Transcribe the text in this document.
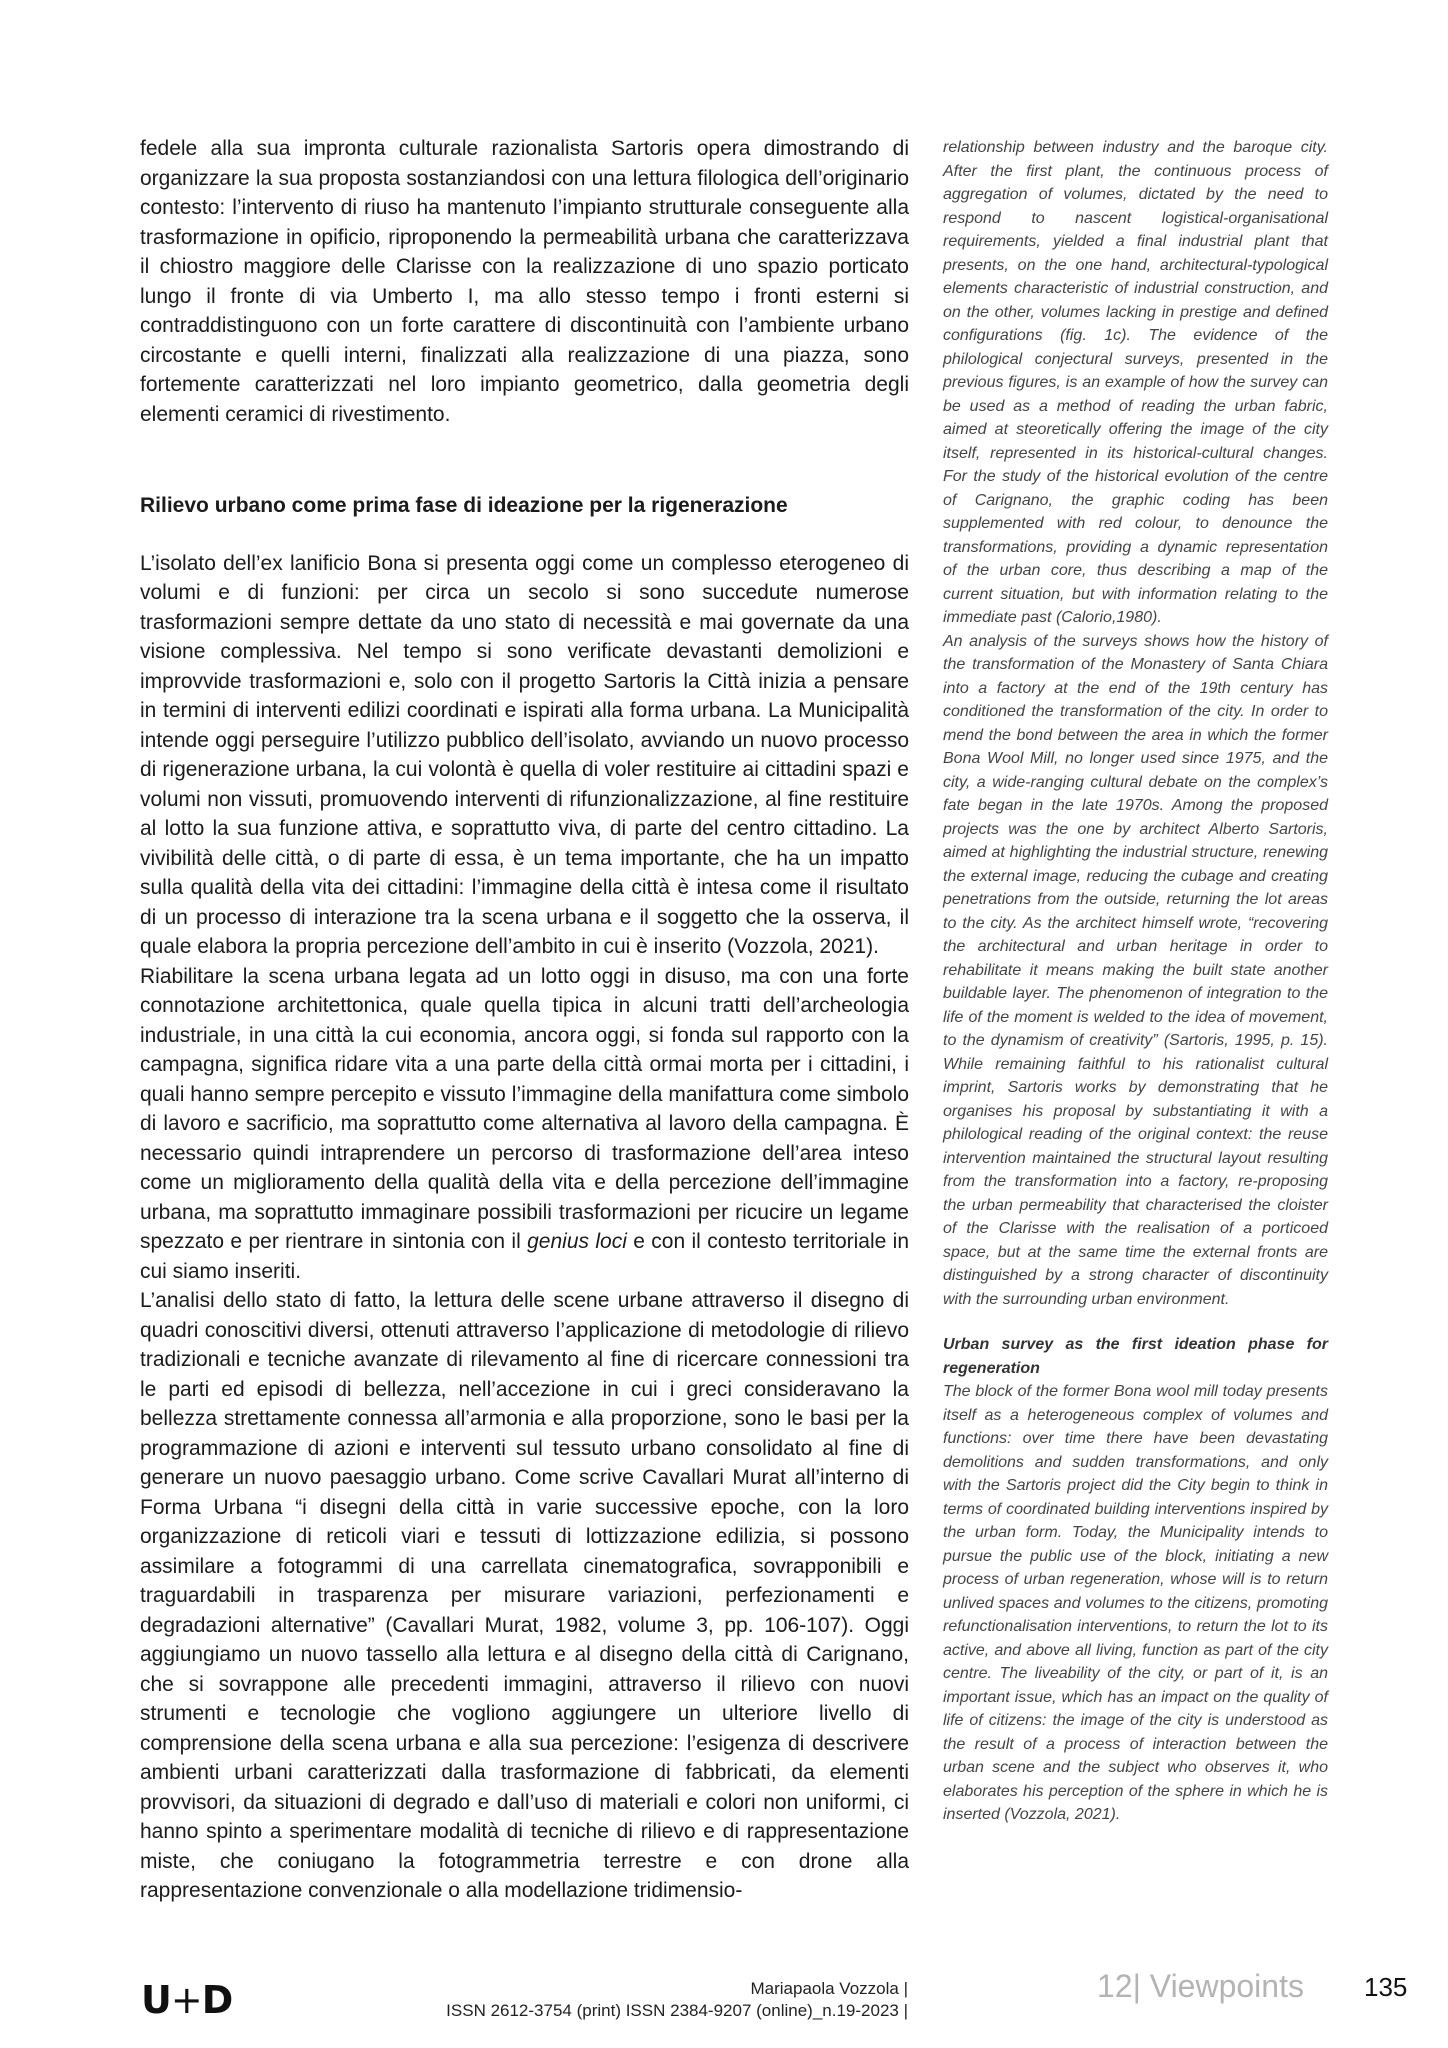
fedele alla sua impronta culturale razionalista Sartoris opera dimostrando di organizzare la sua proposta sostanziandosi con una lettura filologica dell’originario contesto: l’intervento di riuso ha mantenuto l’impianto strutturale conseguente alla trasformazione in opificio, riproponendo la permeabilità urbana che caratterizzava il chiostro maggiore delle Clarisse con la realizzazione di uno spazio porticato lungo il fronte di via Umberto I, ma allo stesso tempo i fronti esterni si contraddistinguono con un forte carattere di discontinuità con l’ambiente urbano circostante e quelli interni, finalizzati alla realizzazione di una piazza, sono fortemente caratterizzati nel loro impianto geometrico, dalla geometria degli elementi ceramici di rivestimento.

Rilievo urbano come prima fase di ideazione per la rigenerazione

L’isolato dell’ex lanificio Bona si presenta oggi come un complesso eterogeneo di volumi e di funzioni: per circa un secolo si sono succedute numerose trasformazioni sempre dettate da uno stato di necessità e mai governate da una visione complessiva. Nel tempo si sono verificate devastanti demolizioni e improvvide trasformazioni e, solo con il progetto Sartoris la Città inizia a pensare in termini di interventi edilizi coordinati e ispirati alla forma urbana. La Municipalità intende oggi perseguire l’utilizzo pubblico dell’isolato, avviando un nuovo processo di rigenerazione urbana, la cui volontà è quella di voler restituire ai cittadini spazi e volumi non vissuti, promuovendo interventi di rifunzionalizzazione, al fine restituire al lotto la sua funzione attiva, e soprattutto viva, di parte del centro cittadino. La vivibilità delle città, o di parte di essa, è un tema importante, che ha un impatto sulla qualità della vita dei cittadini: l’immagine della città è intesa come il risultato di un processo di interazione tra la scena urbana e il soggetto che la osserva, il quale elabora la propria percezione dell’ambito in cui è inserito (Vozzola, 2021).

Riabilitare la scena urbana legata ad un lotto oggi in disuso, ma con una forte connotazione architettonica, quale quella tipica in alcuni tratti dell’archeologia industriale, in una città la cui economia, ancora oggi, si fonda sul rapporto con la campagna, significa ridare vita a una parte della città ormai morta per i cittadini, i quali hanno sempre percepito e vissuto l’immagine della manifattura come simbolo di lavoro e sacrificio, ma soprattutto come alternativa al lavoro della campagna. È necessario quindi intraprendere un percorso di trasformazione dell’area inteso come un miglioramento della qualità della vita e della percezione dell’immagine urbana, ma soprattutto immaginare possibili trasformazioni per ricucire un legame spezzato e per rientrare in sintonia con il genius loci e con il contesto territoriale in cui siamo inseriti.

L’analisi dello stato di fatto, la lettura delle scene urbane attraverso il disegno di quadri conoscitivi diversi, ottenuti attraverso l’applicazione di metodologie di rilievo tradizionali e tecniche avanzate di rilevamento al fine di ricercare connessioni tra le parti ed episodi di bellezza, nell’accezione in cui i greci consideravano la bellezza strettamente connessa all’armonia e alla proporzione, sono le basi per la programmazione di azioni e interventi sul tessuto urbano consolidato al fine di generare un nuovo paesaggio urbano. Come scrive Cavallari Murat all’interno di Forma Urbana “i disegni della città in varie successive epoche, con la loro organizzazione di reticoli viari e tessuti di lottizzazione edilizia, si possono assimilare a fotogrammi di una carrellata cinematografica, sovrapponibili e traguardabili in trasparenza per misurare variazioni, perfezionamenti e degradazioni alternative” (Cavallari Murat, 1982, volume 3, pp. 106-107). Oggi aggiungiamo un nuovo tassello alla lettura e al disegno della città di Carignano, che si sovrappone alle precedenti immagini, attraverso il rilievo con nuovi strumenti e tecnologie che vogliono aggiungere un ulteriore livello di comprensione della scena urbana e alla sua percezione: l’esigenza di descrivere ambienti urbani caratterizzati dalla trasformazione di fabbricati, da elementi provvisori, da situazioni di degrado e dall’uso di materiali e colori non uniformi, ci hanno spinto a sperimentare modalità di tecniche di rilievo e di rappresentazione miste, che coniugano la fotogrammetria terrestre e con drone alla rappresentazione convenzionale o alla modellazione tridimensio-

relationship between industry and the baroque city. After the first plant, the continuous process of aggregation of volumes, dictated by the need to respond to nascent logistical-organisational requirements, yielded a final industrial plant that presents, on the one hand, architectural-typological elements characteristic of industrial construction, and on the other, volumes lacking in prestige and defined configurations (fig. 1c). The evidence of the philological conjectural surveys, presented in the previous figures, is an example of how the survey can be used as a method of reading the urban fabric, aimed at steoretically offering the image of the city itself, represented in its historical-cultural changes. For the study of the historical evolution of the centre of Carignano, the graphic coding has been supplemented with red colour, to denounce the transformations, providing a dynamic representation of the urban core, thus describing a map of the current situation, but with information relating to the immediate past (Calorio,1980).

An analysis of the surveys shows how the history of the transformation of the Monastery of Santa Chiara into a factory at the end of the 19th century has conditioned the transformation of the city. In order to mend the bond between the area in which the former Bona Wool Mill, no longer used since 1975, and the city, a wide-ranging cultural debate on the complex’s fate began in the late 1970s. Among the proposed projects was the one by architect Alberto Sartoris, aimed at highlighting the industrial structure, renewing the external image, reducing the cubage and creating penetrations from the outside, returning the lot areas to the city. As the architect himself wrote, “recovering the architectural and urban heritage in order to rehabilitate it means making the built state another buildable layer. The phenomenon of integration to the life of the moment is welded to the idea of movement, to the dynamism of creativity” (Sartoris, 1995, p. 15). While remaining faithful to his rationalist cultural imprint, Sartoris works by demonstrating that he organises his proposal by substantiating it with a philological reading of the original context: the reuse intervention maintained the structural layout resulting from the transformation into a factory, re-proposing the urban permeability that characterised the cloister of the Clarisse with the realisation of a porticoed space, but at the same time the external fronts are distinguished by a strong character of discontinuity with the surrounding urban environment.

Urban survey as the first ideation phase for regeneration

The block of the former Bona wool mill today presents itself as a heterogeneous complex of volumes and functions: over time there have been devastating demolitions and sudden transformations, and only with the Sartoris project did the City begin to think in terms of coordinated building interventions inspired by the urban form. Today, the Municipality intends to pursue the public use of the block, initiating a new process of urban regeneration, whose will is to return unlived spaces and volumes to the citizens, promoting refunctionalisation interventions, to return the lot to its active, and above all living, function as part of the city centre. The liveability of the city, or part of it, is an important issue, which has an impact on the quality of life of citizens: the image of the city is understood as the result of a process of interaction between the urban scene and the subject who observes it, who elaborates his perception of the sphere in which he is inserted (Vozzola, 2021).

U+D	Mariapaola Vozzola |
ISSN 2612-3754 (print) ISSN 2384-9207 (online)_n.19-2023 |
12| Viewpoints 135
